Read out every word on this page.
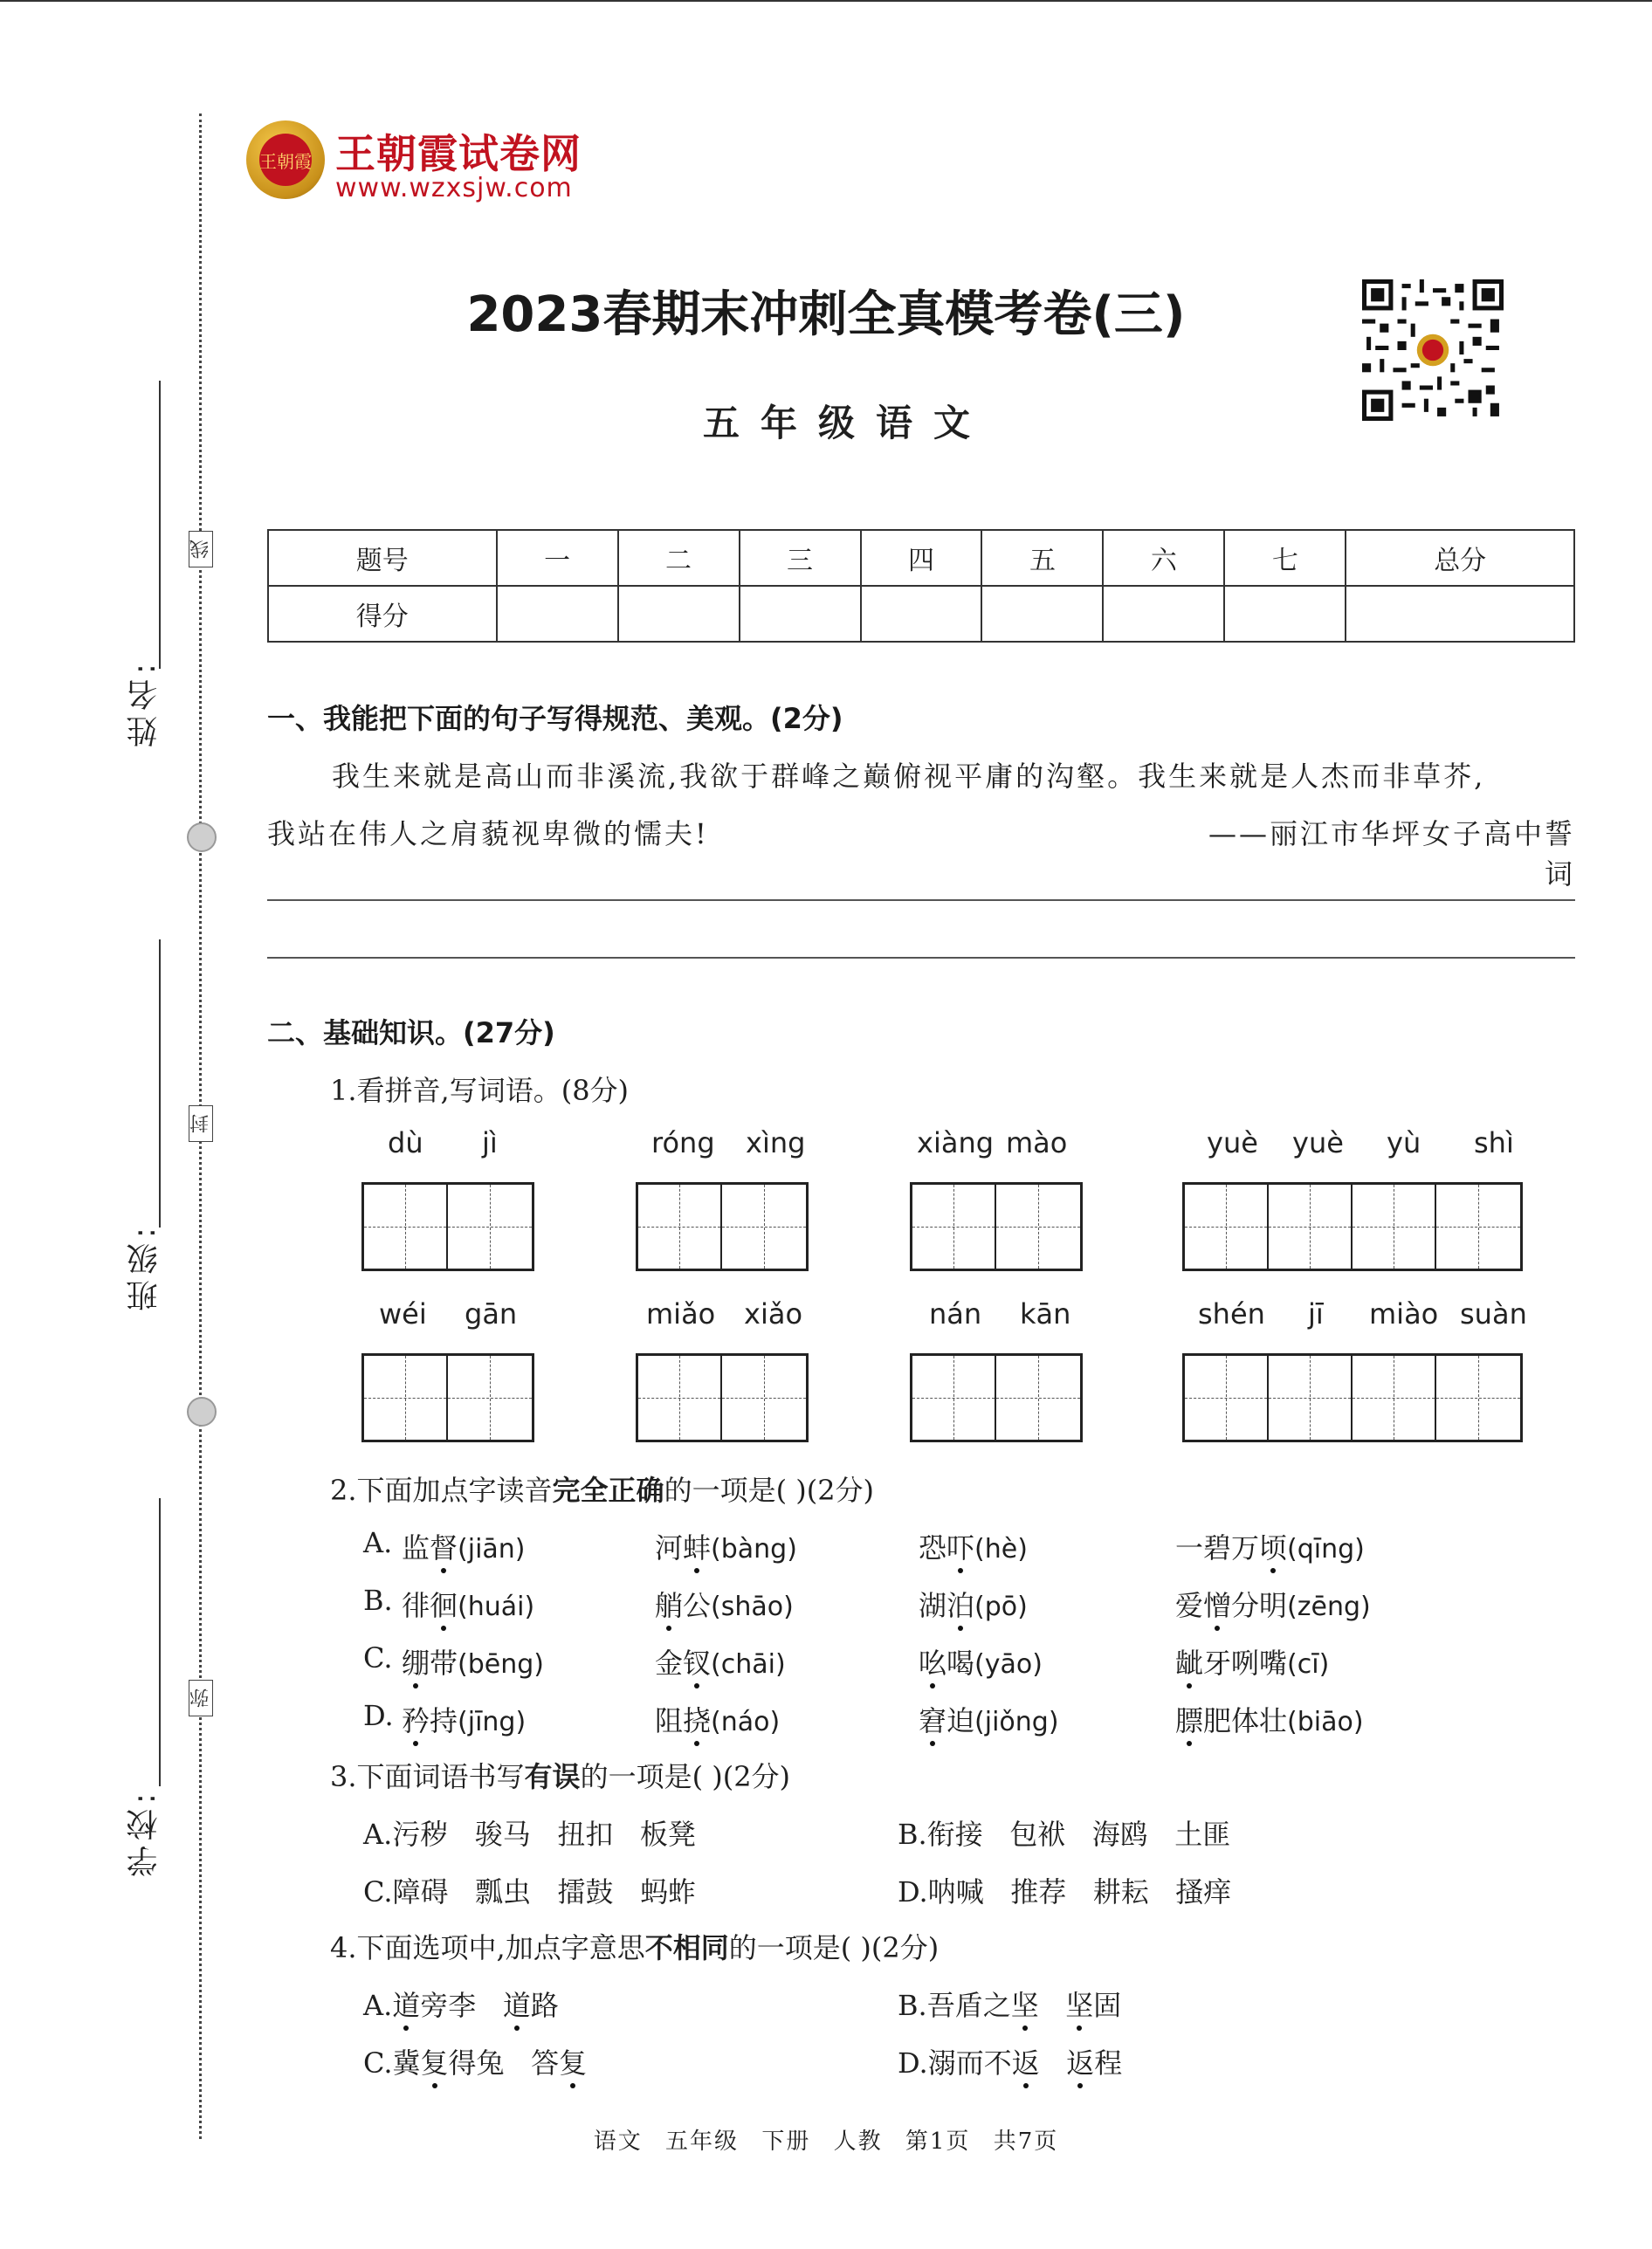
姓名:
班级:
学校:
线
封
弥
王朝霞 王朝霞试卷网
www.wzxsjw.com
2023春期末冲刺全真模考卷(三)
五年级语文
题号	一	二	三	四	五	六	七	总分
得分								
一、我能把下面的句子写得规范、美观。(2分)
我生来就是高山而非溪流,我欲于群峰之巅俯视平庸的沟壑。我生来就是人杰而非草芥,
我站在伟人之肩藐视卑微的懦夫!	——丽江市华坪女子高中誓词
二、基础知识。(27分)
1.看拼音,写词语。(8分)
dù jì	róng xìng	xiàng mào	yuè yuè yù shì
wéi gān	miǎo xiǎo	nán kān	shén jī miào suàn
2.下面加点字读音完全正确的一项是( )(2分)
A. 监督(jiān)	河蚌(bàng)	恐吓(hè)	一碧万顷(qīng)
B. 徘徊(huái)	艄公(shāo)	湖泊(pō)	爱憎分明(zēng)
C. 绷带(bēng)	金钗(chāi)	吆喝(yāo)	龇牙咧嘴(cī)
D. 矜持(jīng)	阻挠(náo)	窘迫(jiǒng)	膘肥体壮(biāo)
3.下面词语书写有误的一项是( )(2分)
A.污秽   骏马   扭扣   板凳	B.衔接   包袱   海鸥   土匪
C.障碍   瓢虫   擂鼓   蚂蚱	D.呐喊   推荐   耕耘   搔痒
4.下面选项中,加点字意思不相同的一项是( )(2分)
A.道旁李   道路	B.吾盾之坚 坚固
C.冀复得兔   答复	D.溺而不返 返程
语文 五年级 下册 人教 第1页 共7页
